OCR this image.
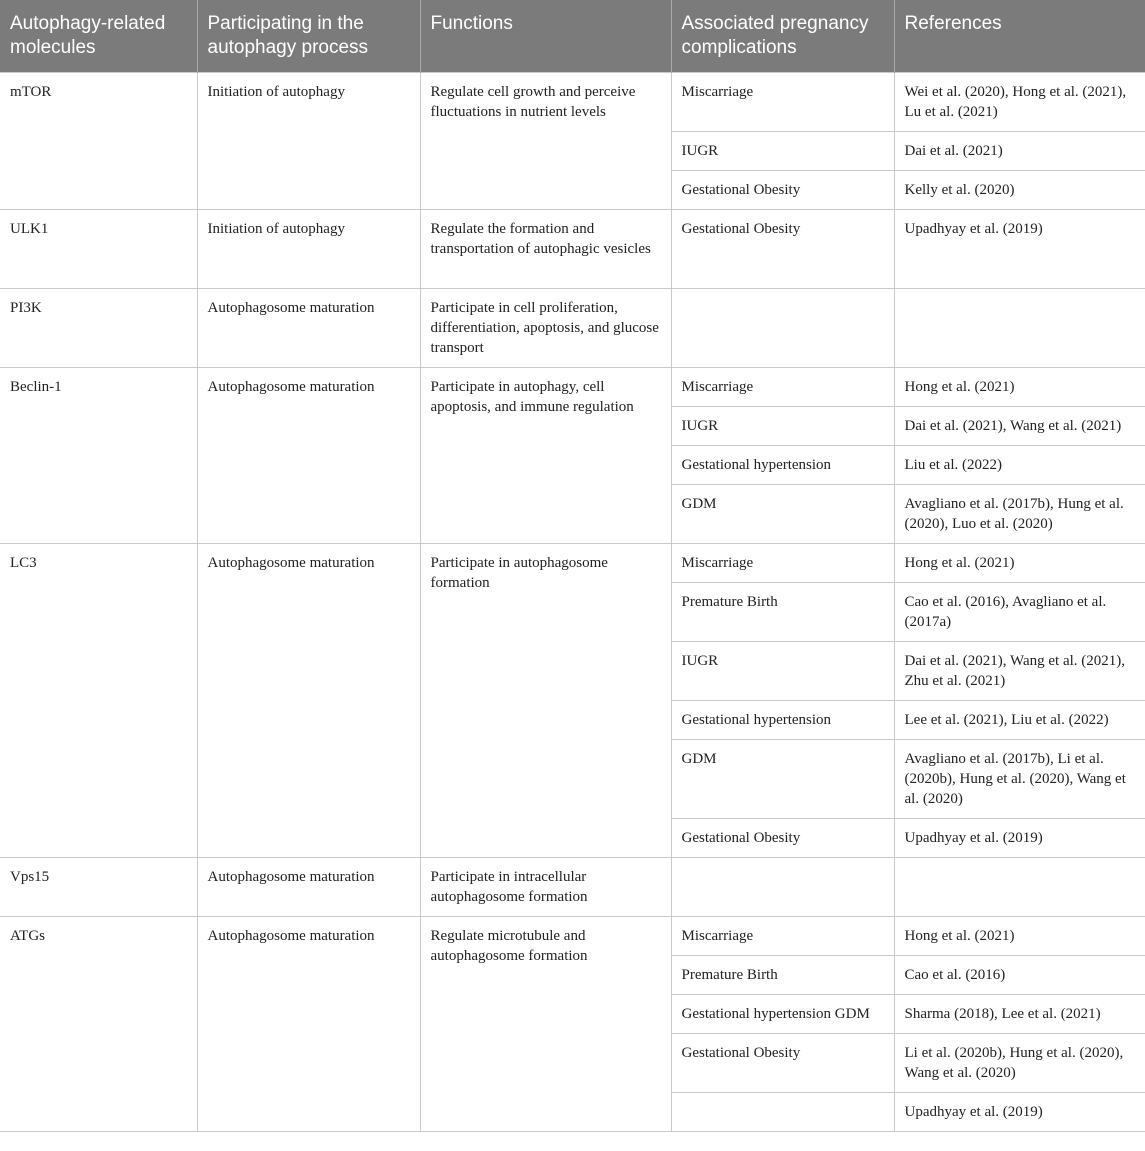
Autophagy-related molecules	Participating in the autophagy process	Functions	Associated pregnancy complications	References
mTOR	Initiation of autophagy	Regulate cell growth and perceive fluctuations in nutrient levels	Miscarriage	Wei et al. (2020), Hong et al. (2021), Lu et al. (2021)
			IUGR	Dai et al. (2021)
			Gestational Obesity	Kelly et al. (2020)
ULK1	Initiation of autophagy	Regulate the formation and transportation of autophagic vesicles	Gestational Obesity	Upadhyay et al. (2019)
PI3K	Autophagosome maturation	Participate in cell proliferation, differentiation, apoptosis, and glucose transport		
Beclin-1	Autophagosome maturation	Participate in autophagy, cell apoptosis, and immune regulation	Miscarriage	Hong et al. (2021)
			IUGR	Dai et al. (2021), Wang et al. (2021)
			Gestational hypertension	Liu et al. (2022)
			GDM	Avagliano et al. (2017b), Hung et al. (2020), Luo et al. (2020)
LC3	Autophagosome maturation	Participate in autophagosome formation	Miscarriage	Hong et al. (2021)
			Premature Birth	Cao et al. (2016), Avagliano et al. (2017a)
			IUGR	Dai et al. (2021), Wang et al. (2021), Zhu et al. (2021)
			Gestational hypertension	Lee et al. (2021), Liu et al. (2022)
			GDM	Avagliano et al. (2017b), Li et al. (2020b), Hung et al. (2020), Wang et al. (2020)
			Gestational Obesity	Upadhyay et al. (2019)
Vps15	Autophagosome maturation	Participate in intracellular autophagosome formation		
ATGs	Autophagosome maturation	Regulate microtubule and autophagosome formation	Miscarriage	Hong et al. (2021)
			Premature Birth	Cao et al. (2016)
			Gestational hypertension GDM	Sharma (2018), Lee et al. (2021)
			Gestational Obesity	Li et al. (2020b), Hung et al. (2020), Wang et al. (2020)
				Upadhyay et al. (2019)
